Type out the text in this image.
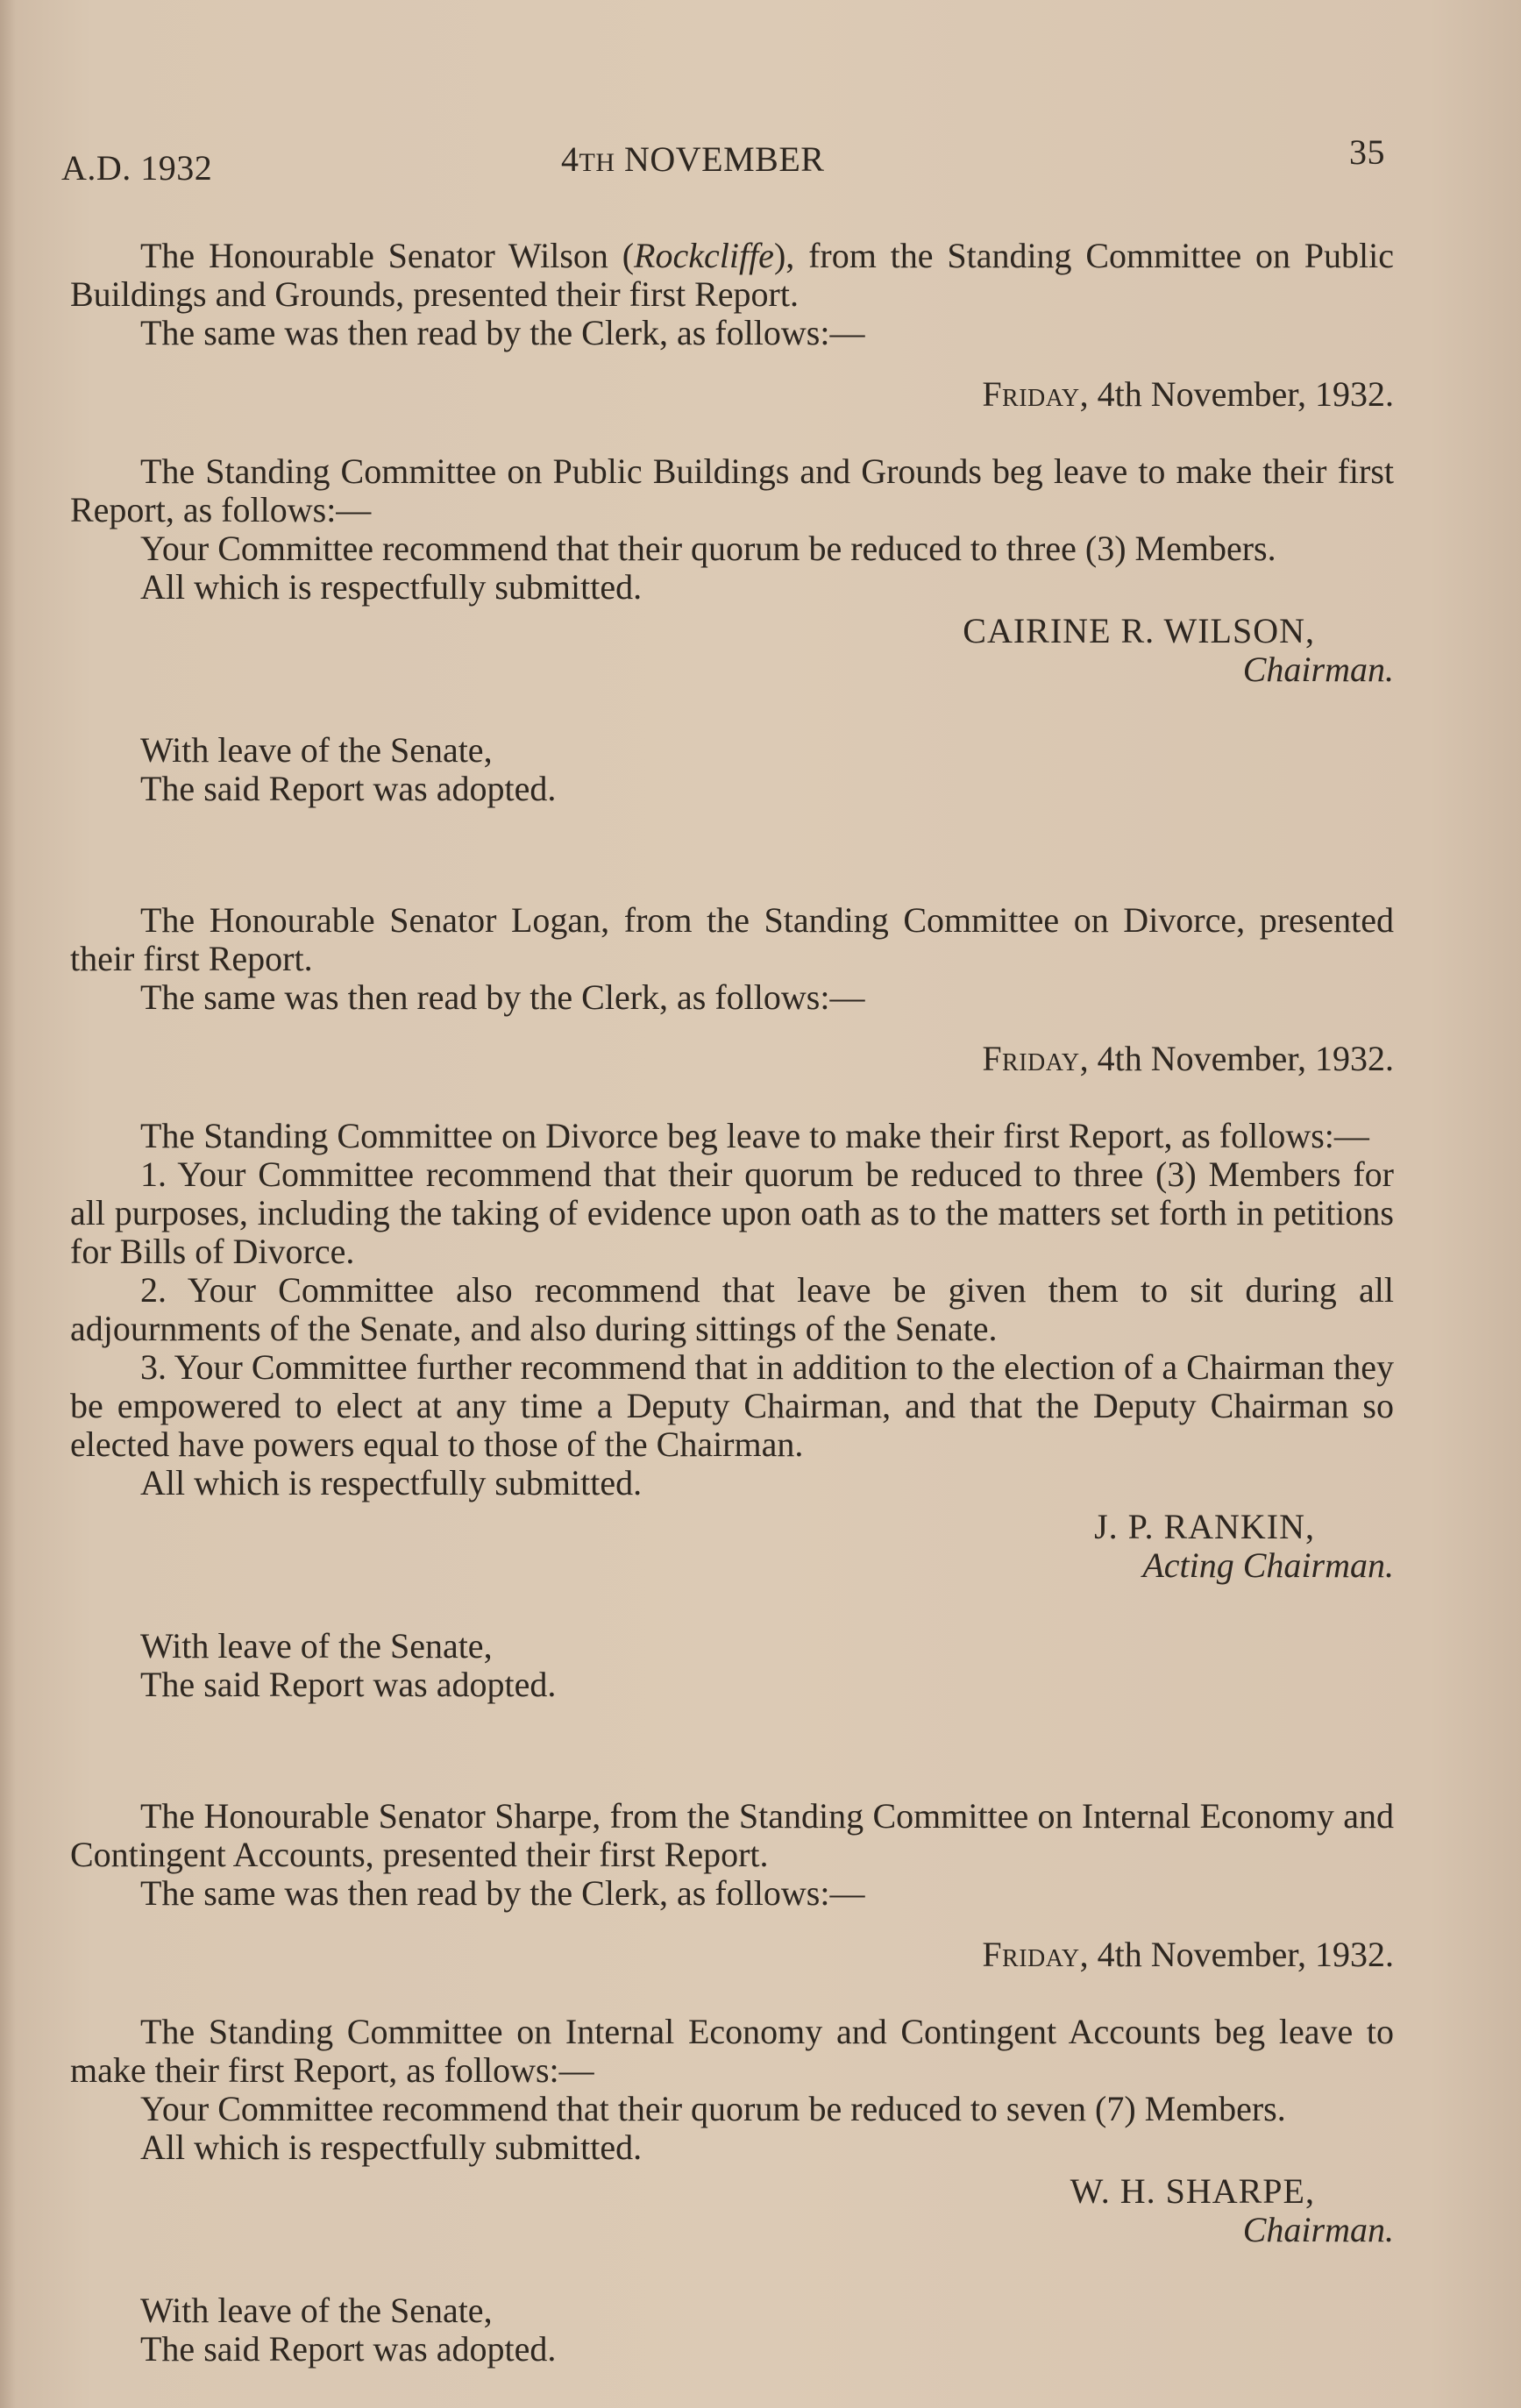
A.D. 1932	4TH NOVEMBER	35

The Honourable Senator Wilson (Rockcliffe), from the Standing Committee on Public Buildings and Grounds, presented their first Report.

The same was then read by the Clerk, as follows:—

Friday, 4th November, 1932.

The Standing Committee on Public Buildings and Grounds beg leave to make their first Report, as follows:—

Your Committee recommend that their quorum be reduced to three (3) Members.

All which is respectfully submitted.

CAIRINE R. WILSON,

Chairman.

With leave of the Senate,

The said Report was adopted.

The Honourable Senator Logan, from the Standing Committee on Divorce, presented their first Report.

The same was then read by the Clerk, as follows:—

Friday, 4th November, 1932.

The Standing Committee on Divorce beg leave to make their first Report, as follows:—

1. Your Committee recommend that their quorum be reduced to three (3) Members for all purposes, including the taking of evidence upon oath as to the matters set forth in petitions for Bills of Divorce.

2. Your Committee also recommend that leave be given them to sit during all adjournments of the Senate, and also during sittings of the Senate.

3. Your Committee further recommend that in addition to the election of a Chairman they be empowered to elect at any time a Deputy Chairman, and that the Deputy Chairman so elected have powers equal to those of the Chairman.

All which is respectfully submitted.

J. P. RANKIN,

Acting Chairman.

With leave of the Senate,

The said Report was adopted.

The Honourable Senator Sharpe, from the Standing Committee on Internal Economy and Contingent Accounts, presented their first Report.

The same was then read by the Clerk, as follows:—

Friday, 4th November, 1932.

The Standing Committee on Internal Economy and Contingent Accounts beg leave to make their first Report, as follows:—

Your Committee recommend that their quorum be reduced to seven (7) Members.

All which is respectfully submitted.

W. H. SHARPE,

Chairman.

With leave of the Senate,

The said Report was adopted.
